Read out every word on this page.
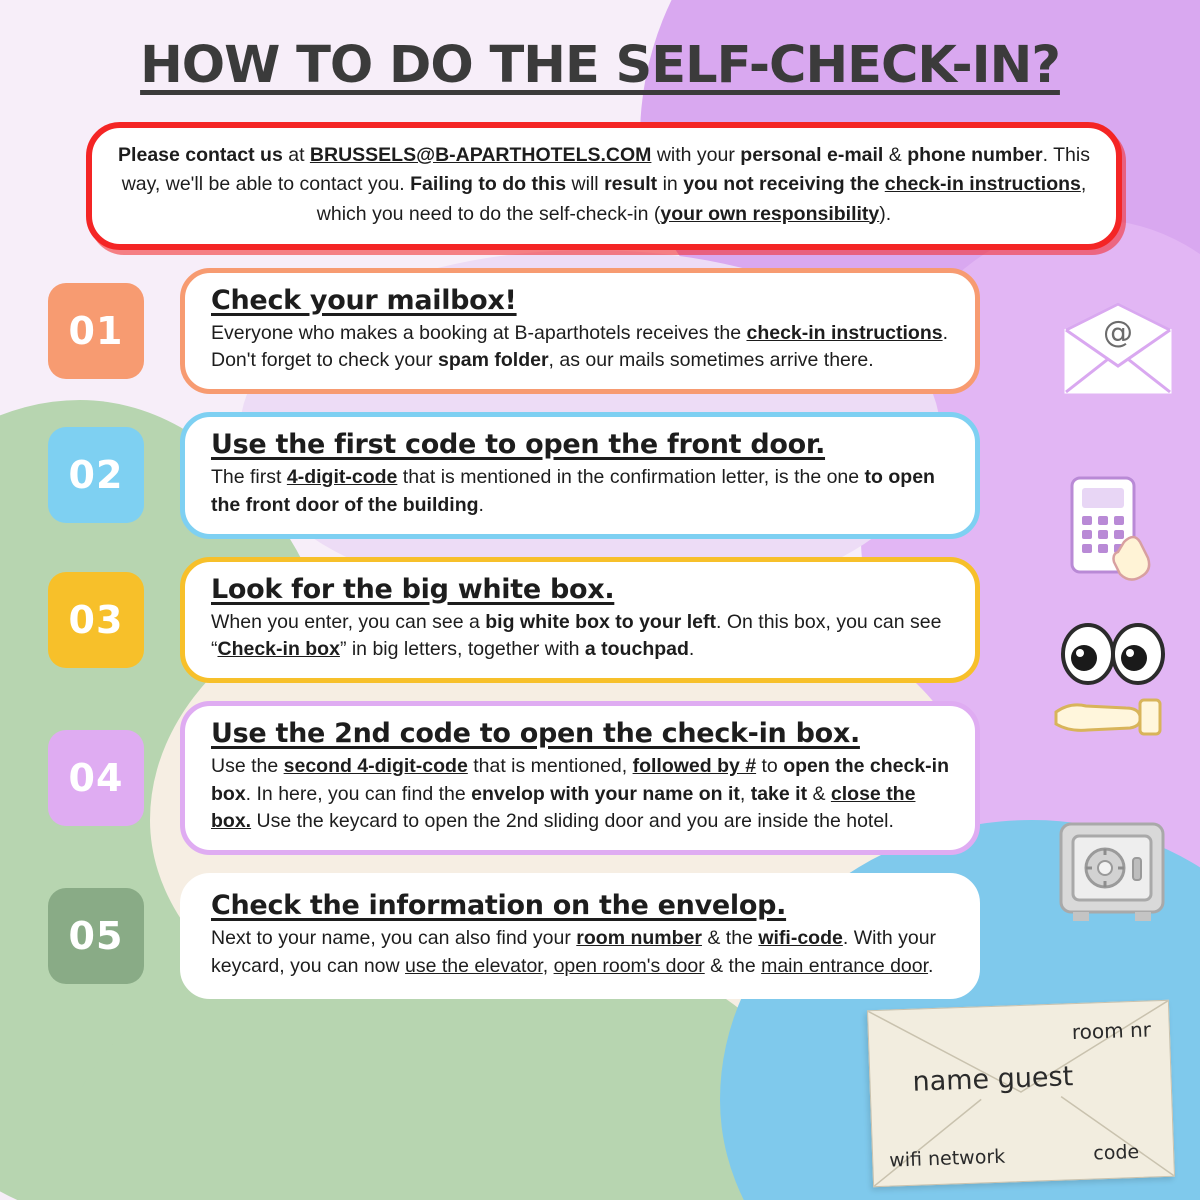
HOW TO DO THE SELF-CHECK-IN?
Please contact us at BRUSSELS@B-APARTHOTELS.COM with your personal e-mail & phone number. This way, we'll be able to contact you. Failing to do this will result in you not receiving the check-in instructions, which you need to do the self-check-in (your own responsibility).
01
Check your mailbox!
Everyone who makes a booking at B-aparthotels receives the check-in instructions. Don't forget to check your spam folder, as our mails sometimes arrive there.
02
Use the first code to open the front door.
The first 4-digit-code that is mentioned in the confirmation letter, is the one to open the front door of the building.
03
Look for the big white box.
When you enter, you can see a big white box to your left. On this box, you can see “Check-in box” in big letters, together with a touchpad.
04
Use the 2nd code to open the check-in box.
Use the second 4-digit-code that is mentioned, followed by # to open the check-in box. In here, you can find the envelop with your name on it, take it & close the box. Use the keycard to open the 2nd sliding door and you are inside the hotel.
05
Check the information on the envelop.
Next to your name, you can also find your room number & the wifi-code. With your keycard, you can now use the elevator, open room's door & the main entrance door.
@
room nr
name guest
wifi network	code
